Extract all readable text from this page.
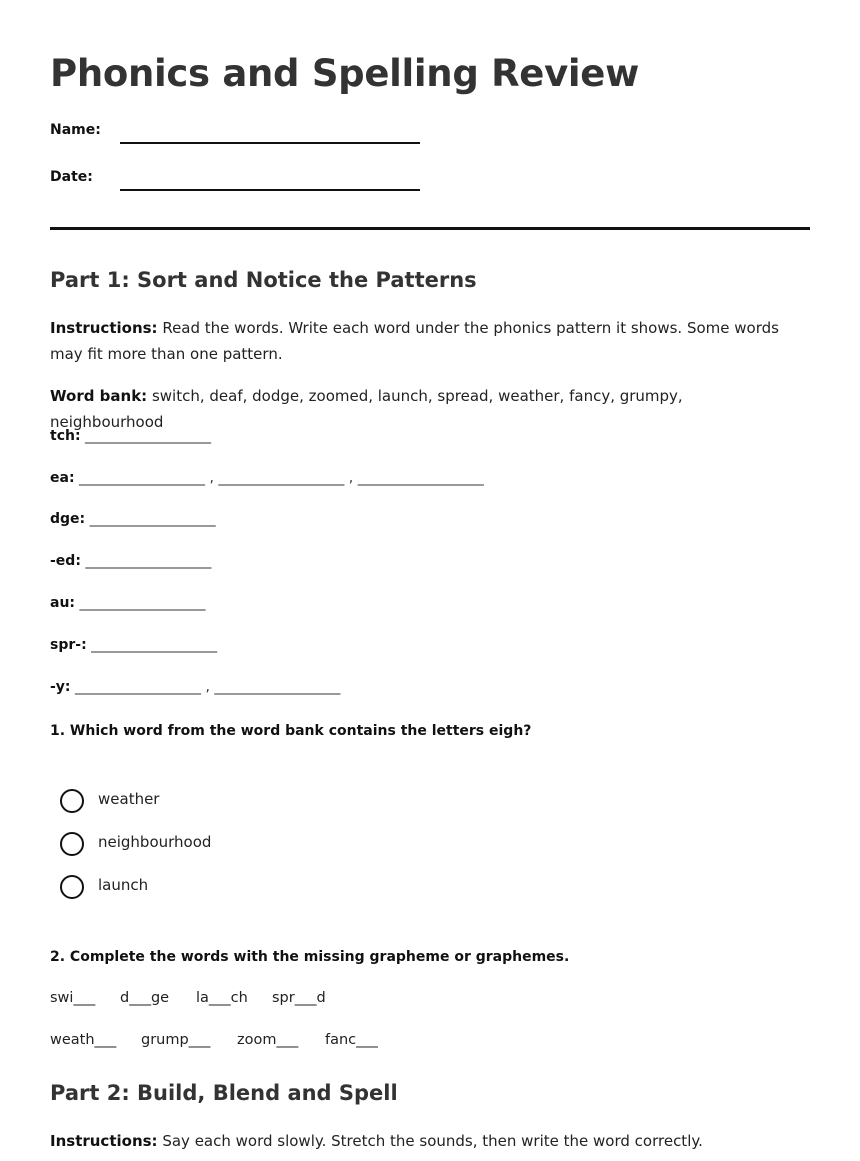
Phonics and Spelling Review
Name:
Date:
Part 1: Sort and Notice the Patterns
Instructions: Read the words. Write each word under the phonics pattern it shows. Some words may fit more than one pattern.
Word bank: switch, deaf, dodge, zoomed, launch, spread, weather, fancy, grumpy, neighbourhood
tch: __________________
ea: __________________ , __________________ , __________________
dge: __________________
-ed: __________________
au: __________________
spr-: __________________
-y: __________________ , __________________
1. Which word from the word bank contains the letters eigh?
weather
neighbourhood
launch
2. Complete the words with the missing grapheme or graphemes.
swi___ d___ge la___ch spr___d
weath___ grump___ zoom___ fanc___
Part 2: Build, Blend and Spell
Instructions: Say each word slowly. Stretch the sounds, then write the word correctly.
